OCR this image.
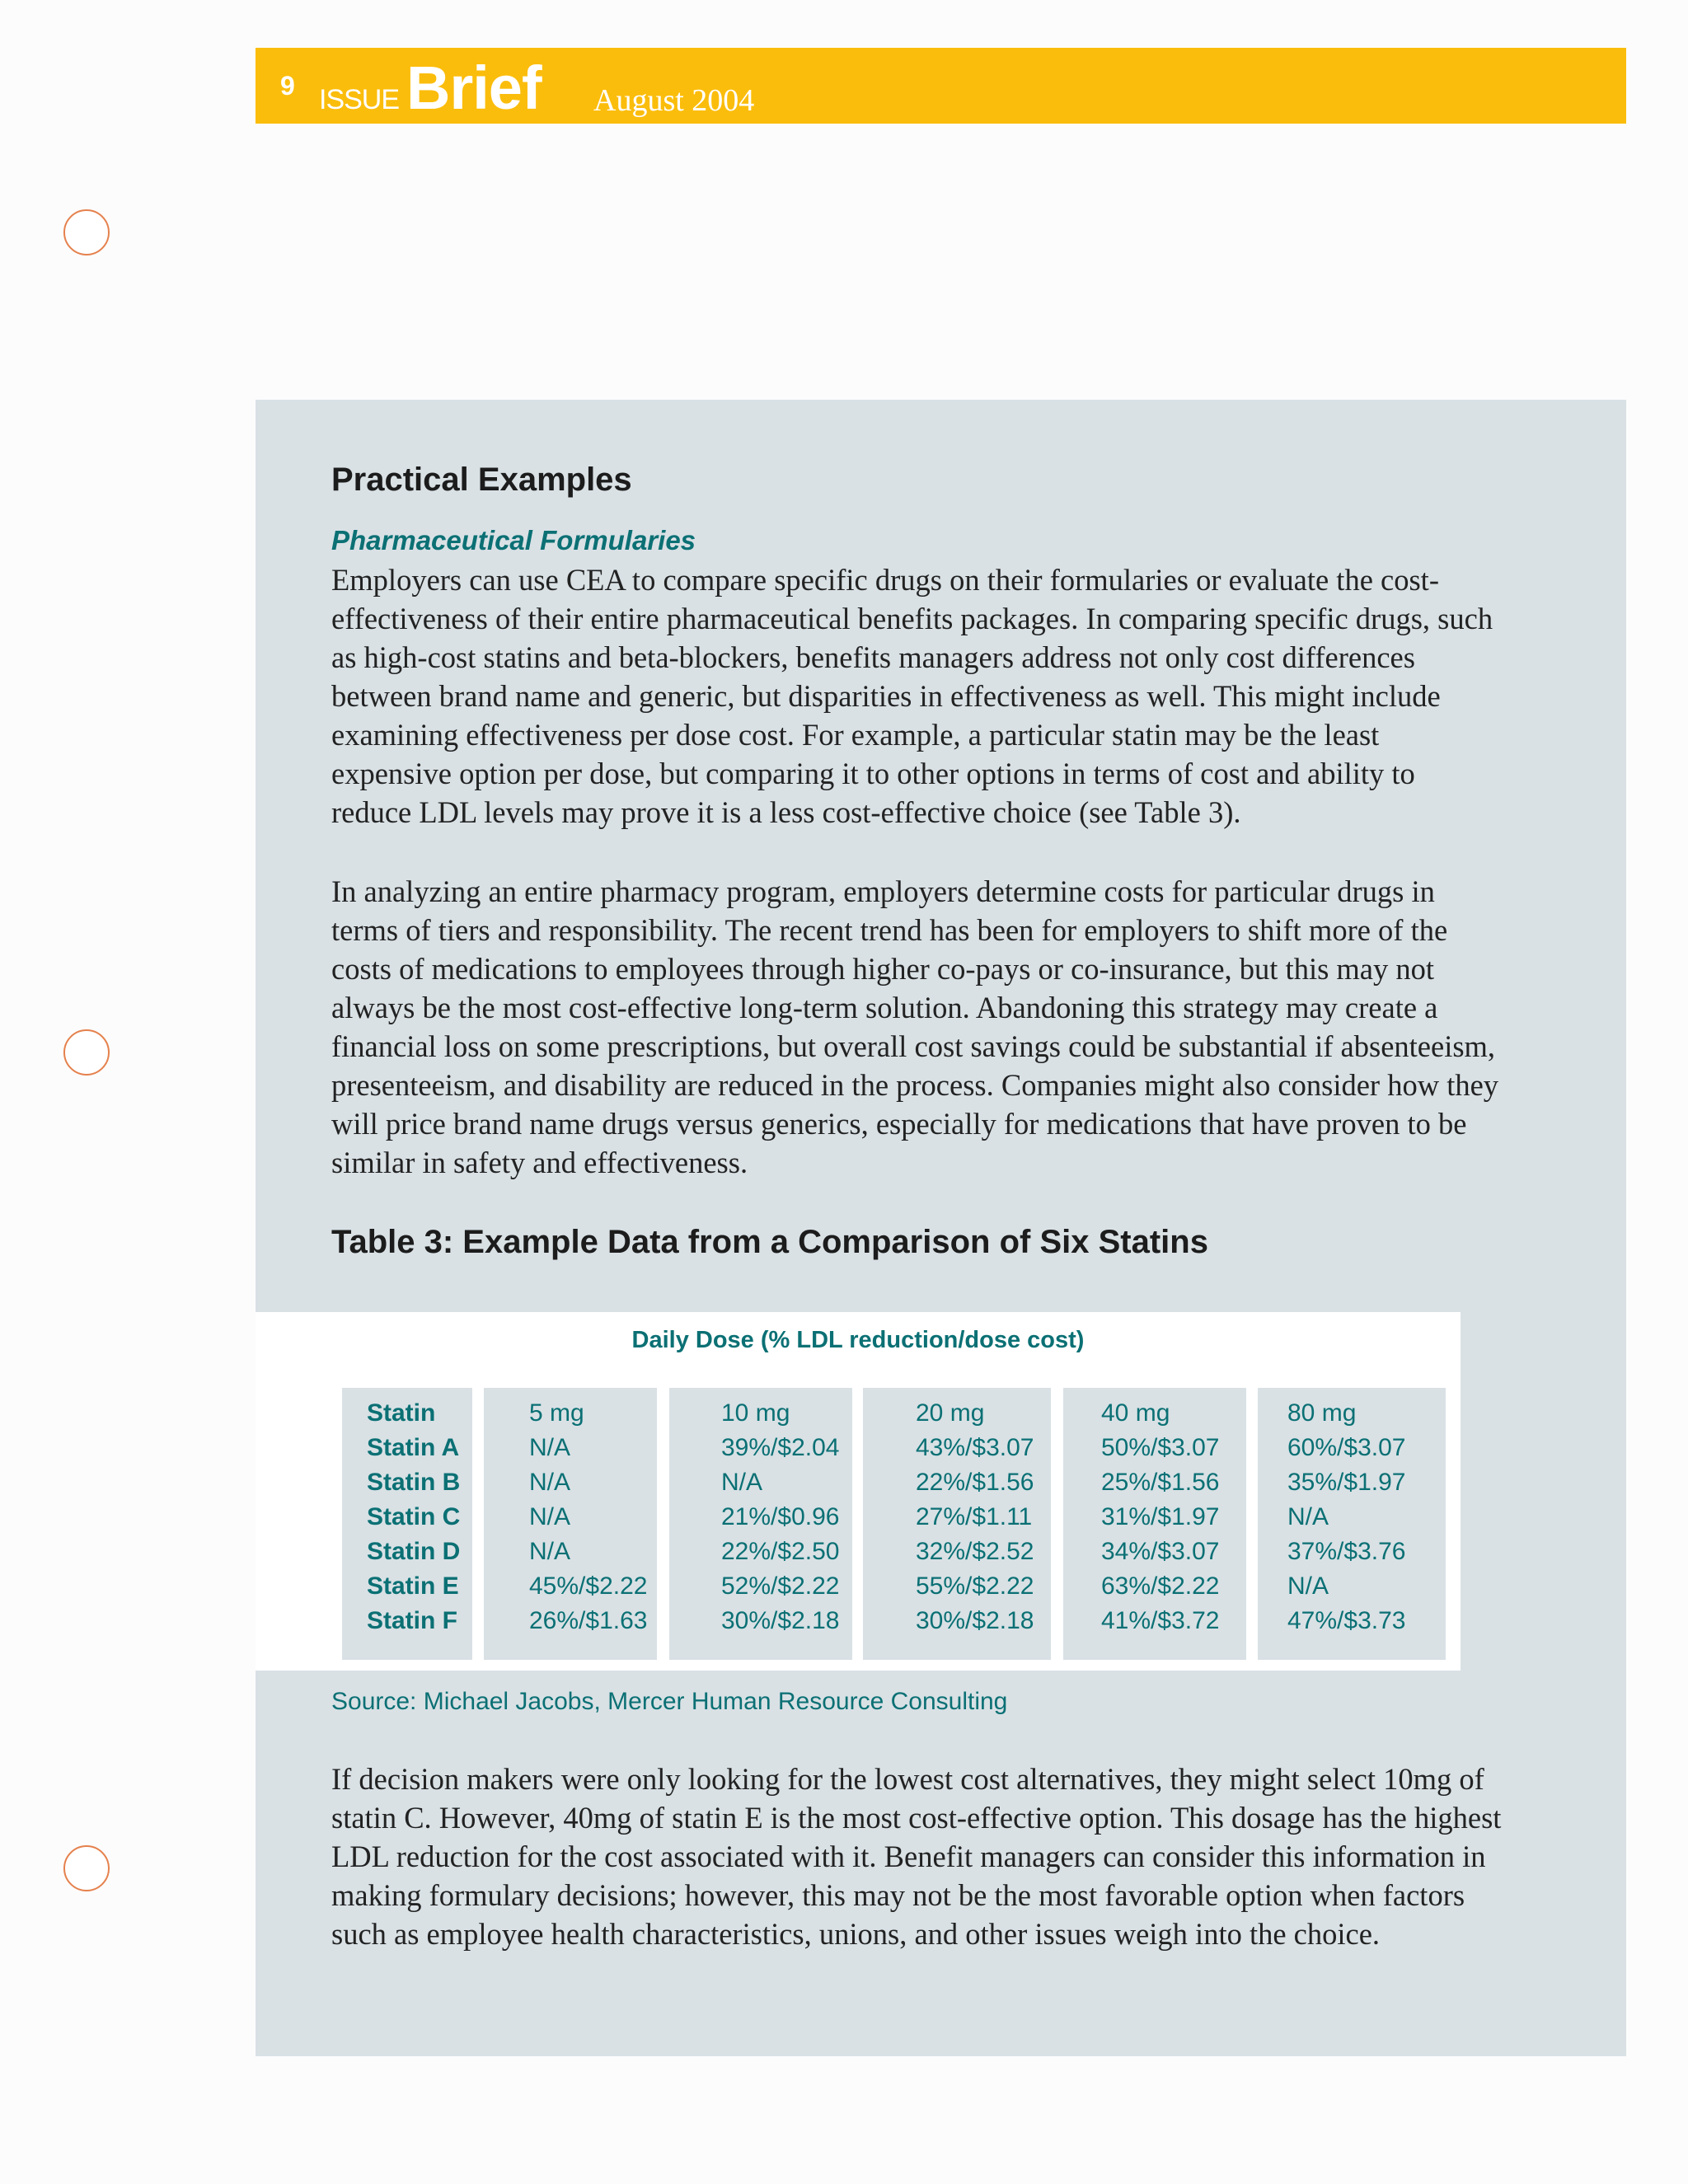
9 ISSUE Brief August 2004
Practical Examples
Pharmaceutical Formularies

Employers can use CEA to compare specific drugs on their formularies or evaluate the cost-effectiveness of their entire pharmaceutical benefits packages. In comparing specific drugs, such as high-cost statins and beta-blockers, benefits managers address not only cost differences between brand name and generic, but disparities in effectiveness as well. This might include examining effectiveness per dose cost. For example, a particular statin may be the least expensive option per dose, but comparing it to other options in terms of cost and ability to reduce LDL levels may prove it is a less cost-effective choice (see Table 3).

In analyzing an entire pharmacy program, employers determine costs for particular drugs in terms of tiers and responsibility. The recent trend has been for employers to shift more of the costs of medications to employees through higher co-pays or co-insurance, but this may not always be the most cost-effective long-term solution. Abandoning this strategy may create a financial loss on some prescriptions, but overall cost savings could be substantial if absenteeism, presenteeism, and disability are reduced in the process. Companies might also consider how they will price brand name drugs versus generics, especially for medications that have proven to be similar in safety and effectiveness.

Table 3: Example Data from a Comparison of Six Statins
Daily Dose (% LDL reduction/dose cost)
Statin
Statin A
Statin B
Statin C
Statin D
Statin E
Statin F
5 mg
N/A
N/A
N/A
N/A
45%/$2.22
26%/$1.63
10 mg
39%/$2.04
N/A
21%/$0.96
22%/$2.50
52%/$2.22
30%/$2.18
20 mg
43%/$3.07
22%/$1.56
27%/$1.11
32%/$2.52
55%/$2.22
30%/$2.18
40 mg
50%/$3.07
25%/$1.56
31%/$1.97
34%/$3.07
63%/$2.22
41%/$3.72
80 mg
60%/$3.07
35%/$1.97
N/A
37%/$3.76
N/A
47%/$3.73
Source: Michael Jacobs, Mercer Human Resource Consulting

If decision makers were only looking for the lowest cost alternatives, they might select 10mg of statin C. However, 40mg of statin E is the most cost-effective option. This dosage has the highest LDL reduction for the cost associated with it. Benefit managers can consider this information in making formulary decisions; however, this may not be the most favorable option when factors such as employee health characteristics, unions, and other issues weigh into the choice.
